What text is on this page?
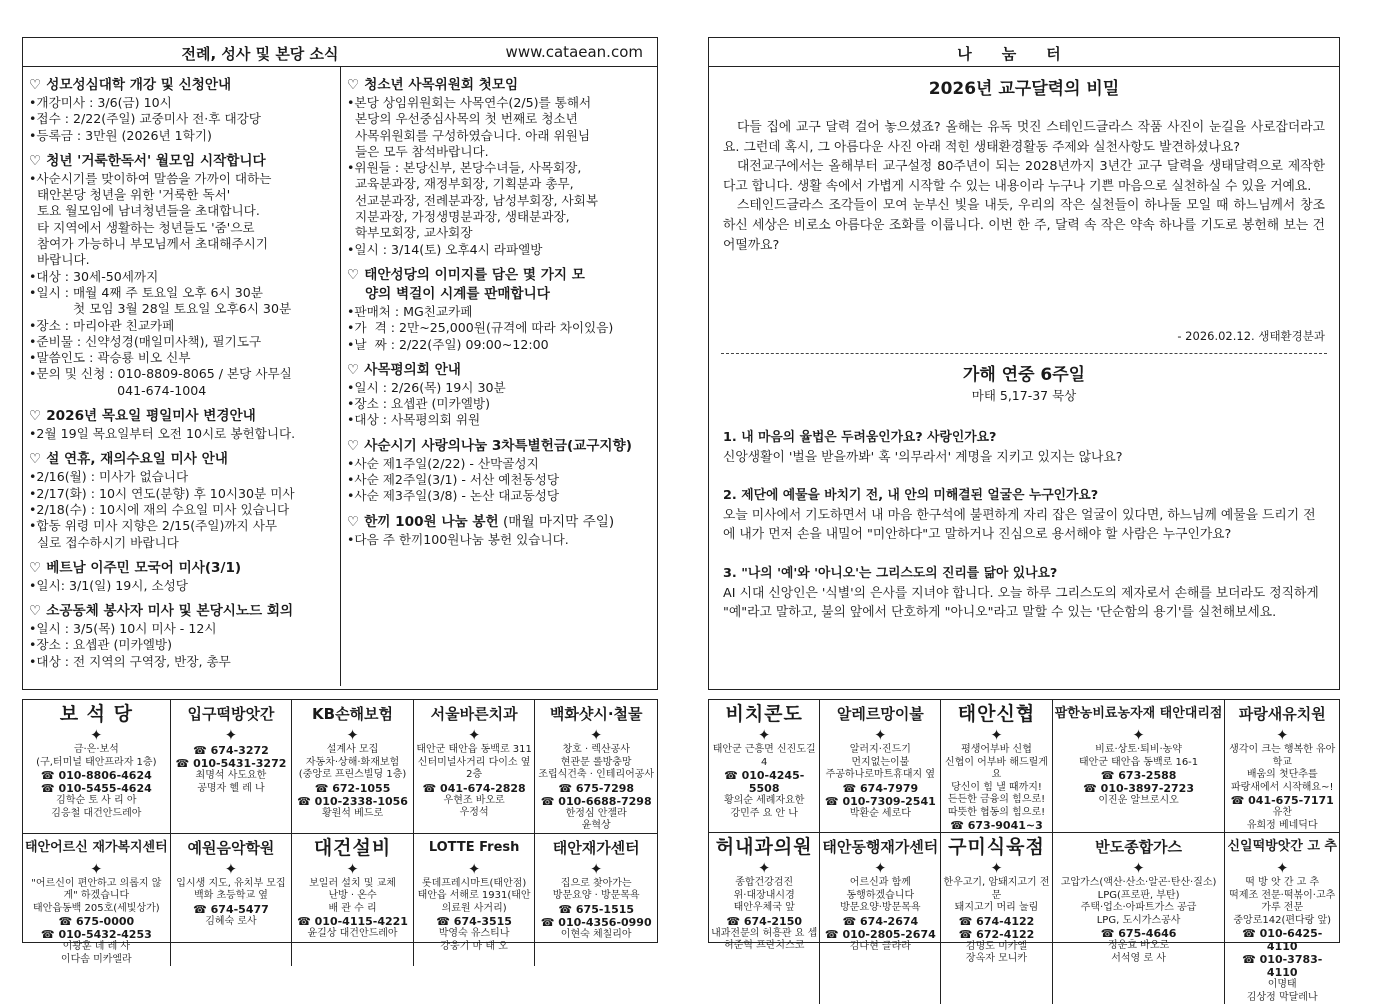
전례, 성사 및 본당 소식	www.cataean.com
♡ 성모성심대학 개강 및 신청안내
•개강미사 : 3/6(금) 10시
•접수 : 2/22(주일) 교중미사 전·후 대강당
•등록금 : 3만원 (2026년 1학기)
♡ 청년 '거룩한독서' 월모임 시작합니다
•사순시기를 맞이하여 말씀을 가까이 대하는
태안본당 청년을 위한 '거룩한 독서'
토요 월모임에 남녀청년들을 초대합니다.
타 지역에서 생활하는 청년들도 '줌'으로
참여가 가능하니 부모님께서 초대해주시기
바랍니다.
•대상 : 30세-50세까지
•일시 : 매월 4째 주 토요일 오후 6시 30분
첫 모임 3월 28일 토요일 오후6시 30분
•장소 : 마리아관 친교카페
•준비물 : 신약성경(매일미사책), 필기도구
•말씀인도 : 곽승룡 비오 신부
•문의 및 신청 : 010-8809-8065 / 본당 사무실
041-674-1004
♡ 2026년 목요일 평일미사 변경안내
•2월 19일 목요일부터 오전 10시로 봉헌합니다.
♡ 설 연휴, 재의수요일 미사 안내
•2/16(월) : 미사가 없습니다
•2/17(화) : 10시 연도(분향) 후 10시30분 미사
•2/18(수) : 10시에 재의 수요일 미사 있습니다
•합동 위령 미사 지향은 2/15(주일)까지 사무
실로 접수하시기 바랍니다
♡ 베트남 이주민 모국어 미사(3/1)
•일시: 3/1(일) 19시, 소성당
♡ 소공동체 봉사자 미사 및 본당시노드 회의
•일시 : 3/5(목) 10시 미사 - 12시
•장소 : 요셉관 (미카엘방)
•대상 : 전 지역의 구역장, 반장, 총무
♡ 청소년 사목위원회 첫모임
•본당 상임위원회는 사목연수(2/5)를 통해서
본당의 우선중심사목의 첫 번째로 청소년
사목위원회를 구성하였습니다. 아래 위원님
들은 모두 참석바랍니다.
•위원들 : 본당신부, 본당수녀들, 사목회장,
교육분과장, 재정부회장, 기획분과 총무,
선교분과장, 전례분과장, 남성부회장, 사회복
지분과장, 가정생명분과장, 생태분과장,
학부모회장, 교사회장
•일시 : 3/14(토) 오후4시 라파엘방
♡ 태안성당의 이미지를 담은 몇 가지 모
양의 벽걸이 시계를 판매합니다
•판매처 : MG친교카페
•가  격 : 2만~25,000원(규격에 따라 차이있음)
•날  짜 : 2/22(주일) 09:00~12:00
♡ 사목평의회 안내
•일시 : 2/26(목) 19시 30분
•장소 : 요셉관 (미카엘방)
•대상 : 사목평의회 위원
♡ 사순시기 사랑의나눔 3차특별헌금(교구지향)
•사순 제1주일(2/22) - 산막골성지
•사순 제2주일(3/1) - 서산 예천동성당
•사순 제3주일(3/8) - 논산 대교동성당
♡ 한끼 100원 나눔 봉헌 (매월 마지막 주일)
•다음 주 한끼100원나눔 봉헌 있습니다.
나눔터
2026년 교구달력의 비밀

다들 집에 교구 달력 걸어 놓으셨죠? 올해는 유독 멋진 스테인드글라스 작품 사진이 눈길을 사로잡더라고요. 그런데 혹시, 그 아름다운 사진 아래 적힌 생태환경활동 주제와 실천사항도 발견하셨나요?

대전교구에서는 올해부터 교구설정 80주년이 되는 2028년까지 3년간 교구 달력을 생태달력으로 제작한다고 합니다. 생활 속에서 가볍게 시작할 수 있는 내용이라 누구나 기쁜 마음으로 실천하실 수 있을 거예요.

스테인드글라스 조각들이 모여 눈부신 빛을 내듯, 우리의 작은 실천들이 하나둘 모일 때 하느님께서 창조하신 세상은 비로소 아름다운 조화를 이룹니다. 이번 한 주, 달력 속 작은 약속 하나를 기도로 봉헌해 보는 건 어떨까요?

- 2026.02.12. 생태환경분과
가해 연중 6주일
마태 5,17-37 묵상
1. 내 마음의 율법은 두려움인가요? 사랑인가요?
신앙생활이 '벌을 받을까봐' 혹 '의무라서' 계명을 지키고 있지는 않나요?
2. 제단에 예물을 바치기 전, 내 안의 미해결된 얼굴은 누구인가요?
오늘 미사에서 기도하면서 내 마음 한구석에 불편하게 자리 잡은 얼굴이 있다면, 하느님께 예물을 드리기 전에 내가 먼저 손을 내밀어 "미안하다"고 말하거나 진심으로 용서해야 할 사람은 누구인가요?
3. "나의 '예'와 '아니오'는 그리스도의 진리를 닮아 있나요?
AI 시대 신앙인은 '식별'의 은사를 지녀야 합니다. 오늘 하루 그리스도의 제자로서 손해를 보더라도 정직하게 "예"라고 말하고, 불의 앞에서 단호하게 "아니오"라고 말할 수 있는 '단순함의 용기'를 실천해보세요.
보 석 당
✦
금·은·보석
(구,터미널 태안프라자 1층)
☎ 010-8806-4624
☎ 010-5455-4624
김학순 토 사 리 아
김응철 대건안드레아
입구떡방앗간
✦
☎ 674-3272
☎ 010-5431-3272
최명석 사도요한
공명자 헬 레 나
KB손해보험
✦
설계사 모집
자동차·상해·화재보험
(중앙로 프린스빌딩 1층)
☎ 672-1055
☎ 010-2338-1056
황원석 베드로
서울바른치과
✦
태안군 태안읍 동백로 311
신터미널사거리 다이소 옆 2층
☎ 041-674-2828
우현조 바오로
우정석
백화샷시·철물
✦
창호 · 렉산공사
현관문 롤방충망
조립식건축 · 인테리어공사
☎ 675-7298
☎ 010-6688-7298
한정심 안젤라
윤혁상
태안어르신 재가복지센터
✦
"어르신이 편안하고 의롭지 않게" 하겠습니다
태안읍동백 205호(세빛상가)
☎ 675-0000
☎ 010-5432-4253
이광훈 데 레 사
이다솜 미카엘라
예원음악학원
✦
입시생 지도, 유치부 모집
백화 초등학교 옆
☎ 674-5477
김혜숙 로사
대건설비
✦
보일러 설치 및 교체
난방 · 온수
배 관 수 리
☎ 010-4115-4221
윤길상 대건안드레아
LOTTE Fresh
✦
롯데프레시마트(태안점)
태안읍 서해로 1931(태안의료원 사거리)
☎ 674-3515
박영숙 유스티나
강웅기 마 태 오
태안재가센터
✦
집으로 찾아가는
방문요양 · 방문목욕
☎ 675-1515
☎ 010-4356-0990
이현숙 체칠리아
비치콘도
✦
태안군 근흥면 신진도길 4
☎ 010-4245-5508
황의순 세례자요한
강민주 요 안 나
알레르망이불
✦
알러지·진드기
먼지없는이불
주공하나로마트휴대지 옆
☎ 674-7979
☎ 010-7309-2541
박환순 세로다
태안신협
✦
평생어부바 신협
신협이 어부바 해드릴게요
당신이 힘 낼 때까지!
든든한 금융의 힘으로!
따뜻한 협동의 힘으로!
☎ 673-9041~3
팜한농비료농자재 태안대리점
✦
비료·상토·퇴비·농약
태안군 태안읍 동백로 16-1
☎ 673-2588
☎ 010-3897-2723
이진운 알브로시오
파랑새유치원
✦
생각이 크는 행복한 유아학교
배움의 첫단추를
파랑새에서 시작해요~!
☎ 041-675-7171
유찬
유희정 베네딕다
허내과의원
✦
종합건강검진
위·대장내시경
태안우체국 앞
☎ 674-2150
내과전문의 허흥관 요 셉
허준혁 프란치스코
태안동행재가센터
✦
어르신과 함께
동행하겠습니다
방문요양·방문목욕
☎ 674-2674
☎ 010-2805-2674
김다현 글라라
구미식육점
✦
한우고기, 암돼지고기 전문
돼지고기 머리 눌림
☎ 674-4122
☎ 672-4122
김명도 미카엘
장옥자 모니카
반도종합가스
✦
고압가스(액산·산소·알곤·탄산·질소)
LPG(프로판, 부탄)
주택·업소·아파트가스 공급
LPG, 도시가스공사
☎ 675-4646
정운효 바오로
서석영 로 사
신일떡방앗간 고 추
✦
떡 방 앗 간 고 추
떡제조 전문·떡볶이·고추가루 전문
중앙로142(편다랑 앞)
☎ 010-6425-4110
☎ 010-3783-4110
이명태
김상정 막달레나
